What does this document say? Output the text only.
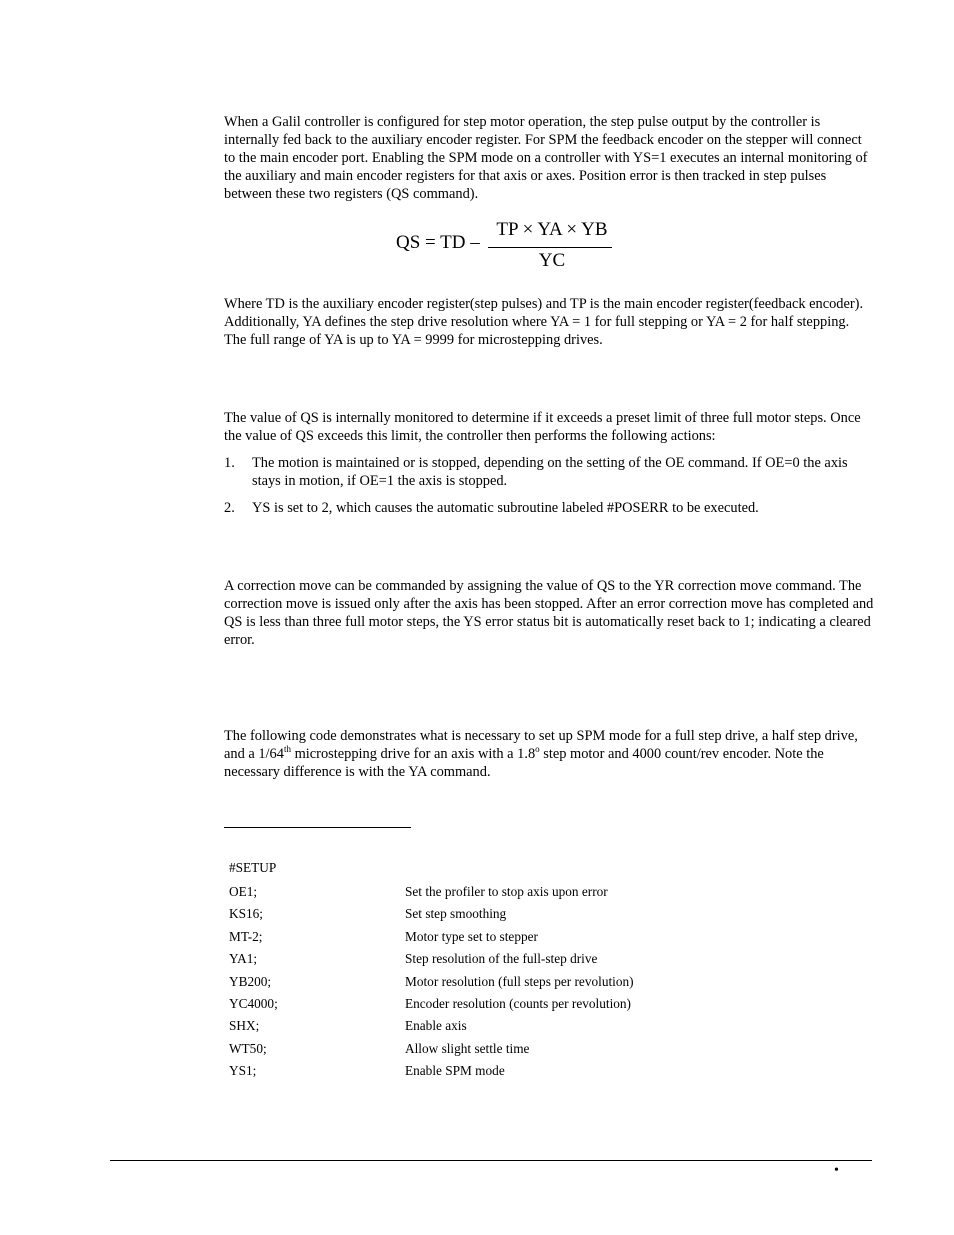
When a Galil controller is configured for step motor operation, the step pulse output by the controller is internally fed back to the auxiliary encoder register. For SPM the feedback encoder on the stepper will connect to the main encoder port. Enabling the SPM mode on a controller with YS=1 executes an internal monitoring of the auxiliary and main encoder registers for that axis or axes. Position error is then tracked in step pulses between these two registers (QS command).

QS = TD –
TP × YA × YB
YC

Where TD is the auxiliary encoder register(step pulses) and TP is the main encoder register(feedback encoder). Additionally, YA defines the step drive resolution where YA = 1 for full stepping or YA = 2 for half stepping. The full range of YA is up to YA = 9999 for microstepping drives.

The value of QS is internally monitored to determine if it exceeds a preset limit of three full motor steps. Once the value of QS exceeds this limit, the controller then performs the following actions:

1. The motion is maintained or is stopped, depending on the setting of the OE command. If OE=0 the axis stays in motion, if OE=1 the axis is stopped.
2. YS is set to 2, which causes the automatic subroutine labeled #POSERR to be executed.

A correction move can be commanded by assigning the value of QS to the YR correction move command. The correction move is issued only after the axis has been stopped. After an error correction move has completed and QS is less than three full motor steps, the YS error status bit is automatically reset back to 1; indicating a cleared error.

The following code demonstrates what is necessary to set up SPM mode for a full step drive, a half step drive, and a 1/64th microstepping drive for an axis with a 1.8$^o$ step motor and 4000 count/rev encoder. Note the necessary difference is with the YA command.

#SETUP
OE1;	Set the profiler to stop axis upon error
KS16;	Set step smoothing
MT-2;	Motor type set to stepper
YA1;	Step resolution of the full-step drive
YB200;	Motor resolution (full steps per revolution)
YC4000;	Encoder resolution (counts per revolution)
SHX;	Enable axis
WT50;	Allow slight settle time
YS1;	Enable SPM mode
•
